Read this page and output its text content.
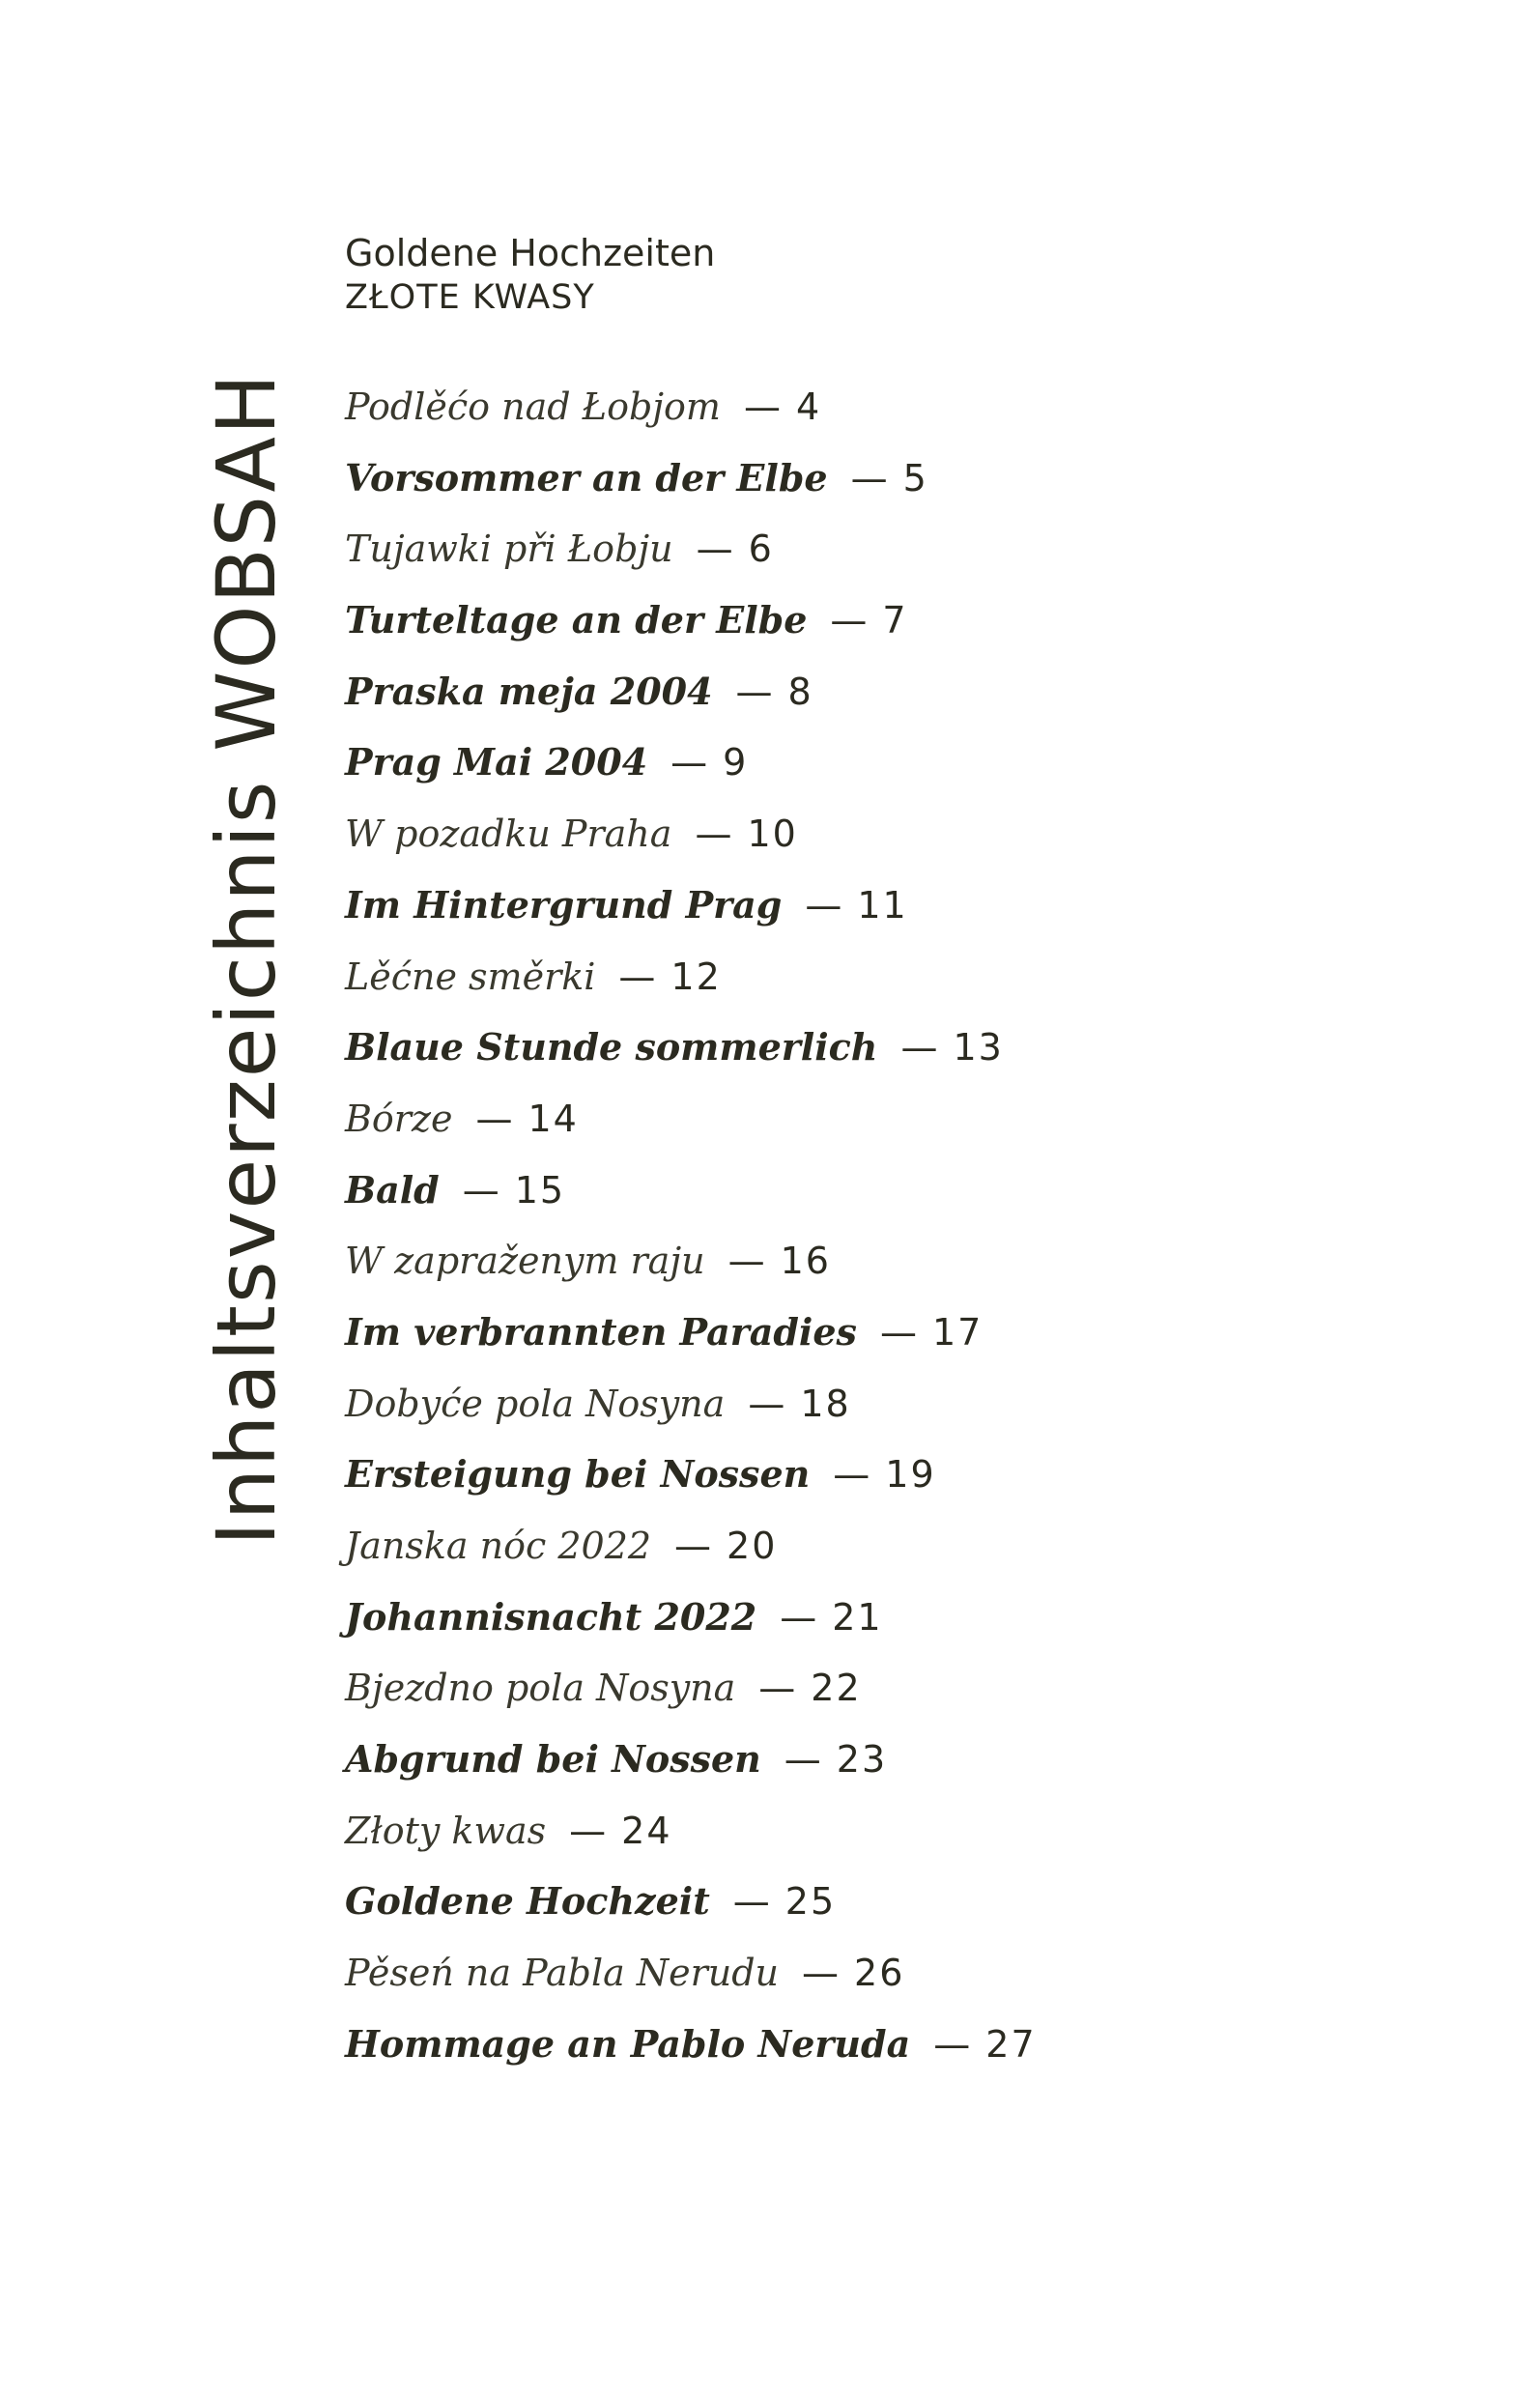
Inhaltsverzeichnis WOBSAH
Goldene Hochzeiten
ZŁOTE KWASY
Podlěćo nad Łobjom — 4
Vorsommer an der Elbe — 5
Tujawki při Łobju — 6
Turteltage an der Elbe — 7
Praska meja 2004 — 8
Prag Mai 2004 — 9
W pozadku Praha — 10
Im Hintergrund Prag — 11
Lěćne směrki — 12
Blaue Stunde sommerlich — 13
Bórze — 14
Bald — 15
W zapraženym raju — 16
Im verbrannten Paradies — 17
Dobyće pola Nosyna — 18
Ersteigung bei Nossen — 19
Janska nóc 2022 — 20
Johannisnacht 2022 — 21
Bjezdno pola Nosyna — 22
Abgrund bei Nossen — 23
Złoty kwas — 24
Goldene Hochzeit — 25
Pěseń na Pabla Nerudu — 26
Hommage an Pablo Neruda — 27
